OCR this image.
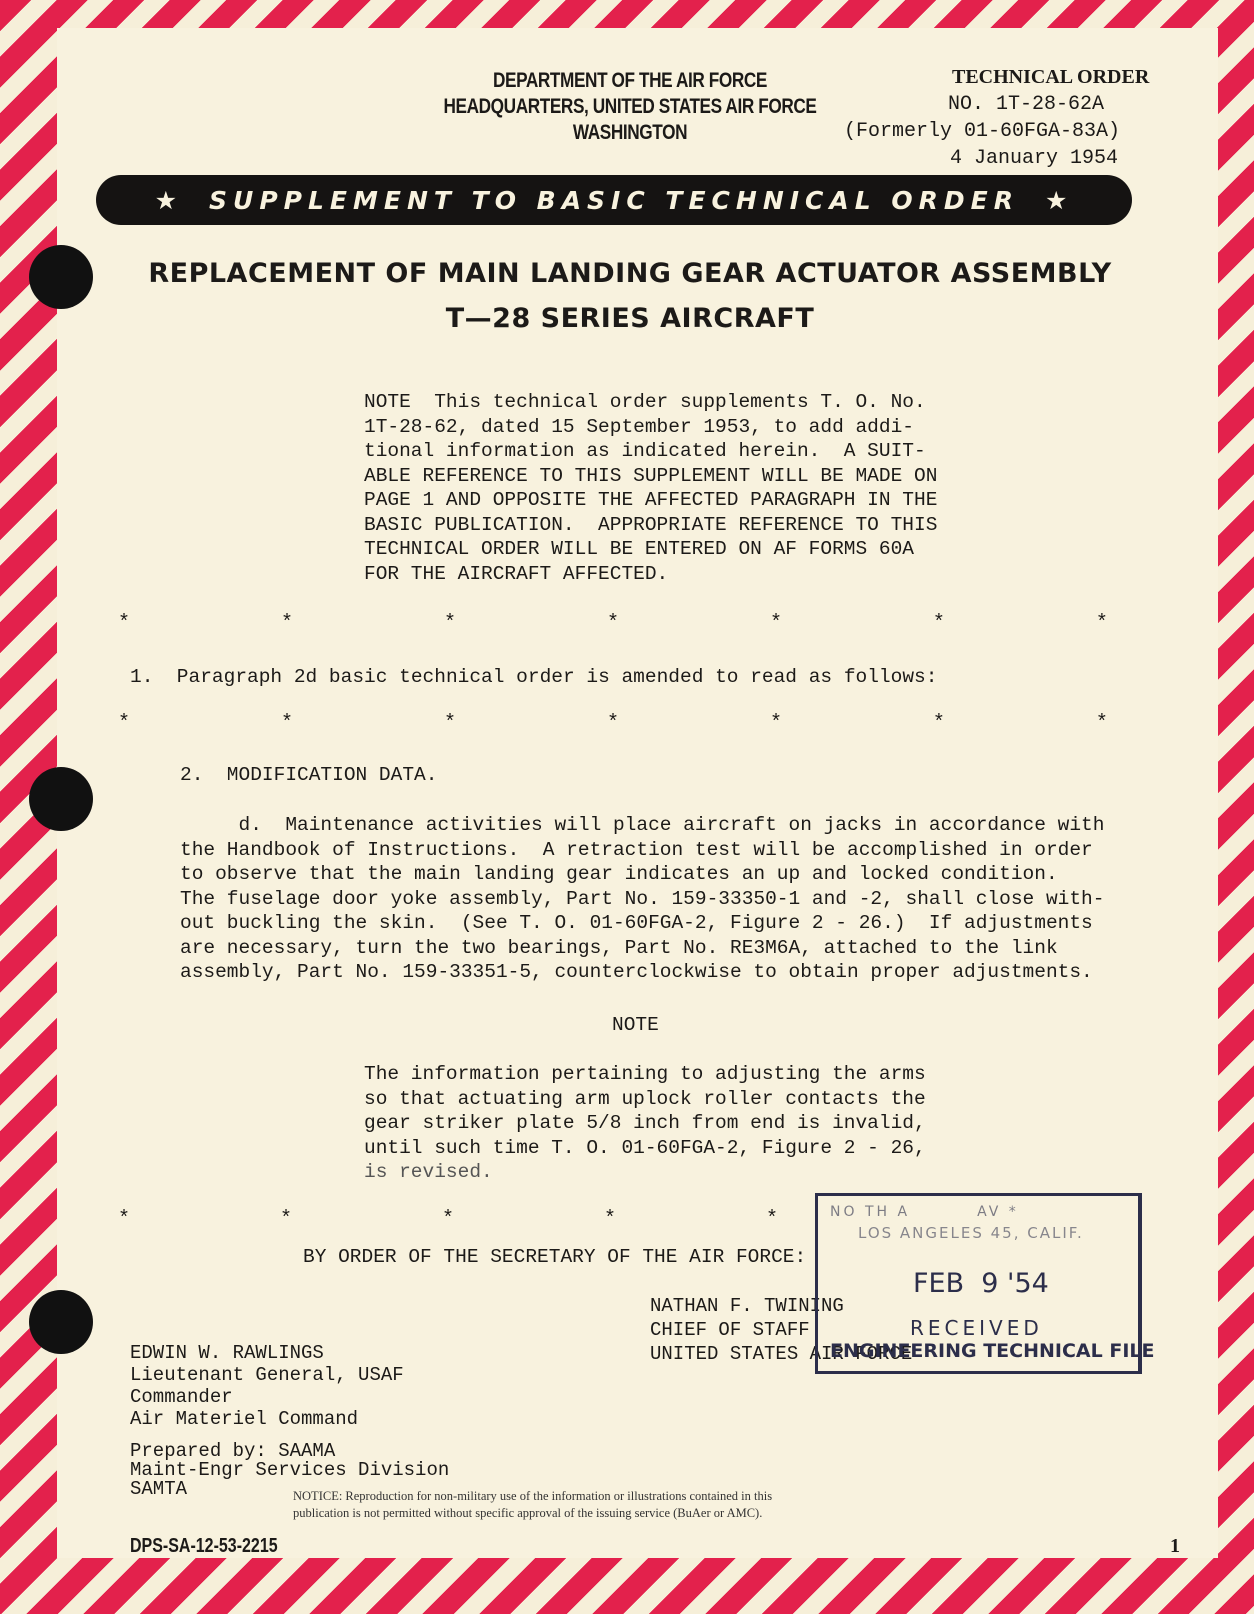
DEPARTMENT OF THE AIR FORCE
HEADQUARTERS, UNITED STATES AIR FORCE
WASHINGTON
TECHNICAL ORDER
NO. 1T-28-62A
(Formerly 01-60FGA-83A)
4 January 1954
★ SUPPLEMENT TO BASIC TECHNICAL ORDER ★
REPLACEMENT OF MAIN LANDING GEAR ACTUATOR ASSEMBLY
T—28 SERIES AIRCRAFT
NOTE  This technical order supplements T. O. No.
1T-28-62, dated 15 September 1953, to add addi-
tional information as indicated herein.  A SUIT-
ABLE REFERENCE TO THIS SUPPLEMENT WILL BE MADE ON
PAGE 1 AND OPPOSITE THE AFFECTED PARAGRAPH IN THE
BASIC PUBLICATION.  APPROPRIATE REFERENCE TO THIS
TECHNICAL ORDER WILL BE ENTERED ON AF FORMS 60A
FOR THE AIRCRAFT AFFECTED.
*	*	*	*	*	*	*
1.  Paragraph 2d basic technical order is amended to read as follows:
*	*	*	*	*	*	*
2.  MODIFICATION DATA.
d.  Maintenance activities will place aircraft on jacks in accordance with
the Handbook of Instructions.  A retraction test will be accomplished in order
to observe that the main landing gear indicates an up and locked condition.
The fuselage door yoke assembly, Part No. 159-33350-1 and -2, shall close with-
out buckling the skin.  (See T. O. 01-60FGA-2, Figure 2 - 26.)  If adjustments
are necessary, turn the two bearings, Part No. RE3M6A, attached to the link
assembly, Part No. 159-33351-5, counterclockwise to obtain proper adjustments.
NOTE
The information pertaining to adjusting the arms
so that actuating arm uplock roller contacts the
gear striker plate 5/8 inch from end is invalid,
until such time T. O. 01-60FGA-2, Figure 2 - 26,
is revised.
*	*	*	*	*
BY ORDER OF THE SECRETARY OF THE AIR FORCE:
NATHAN F. TWINING
CHIEF OF STAFF
UNITED STATES AIR FORCE
NO TH A         AV *
LOS ANGELES 45, CALIF.
FEB  9 '54
RECEIVED
ENGINEERING TECHNICAL FILE
EDWIN W. RAWLINGS
Lieutenant General, USAF
Commander
Air Materiel Command
Prepared by: SAAMA
Maint-Engr Services Division
SAMTA	NOTICE: Reproduction for non-military use of the information or illustrations contained in this
publication is not permitted without specific approval of the issuing service (BuAer or AMC).
DPS-SA-12-53-2215	1
